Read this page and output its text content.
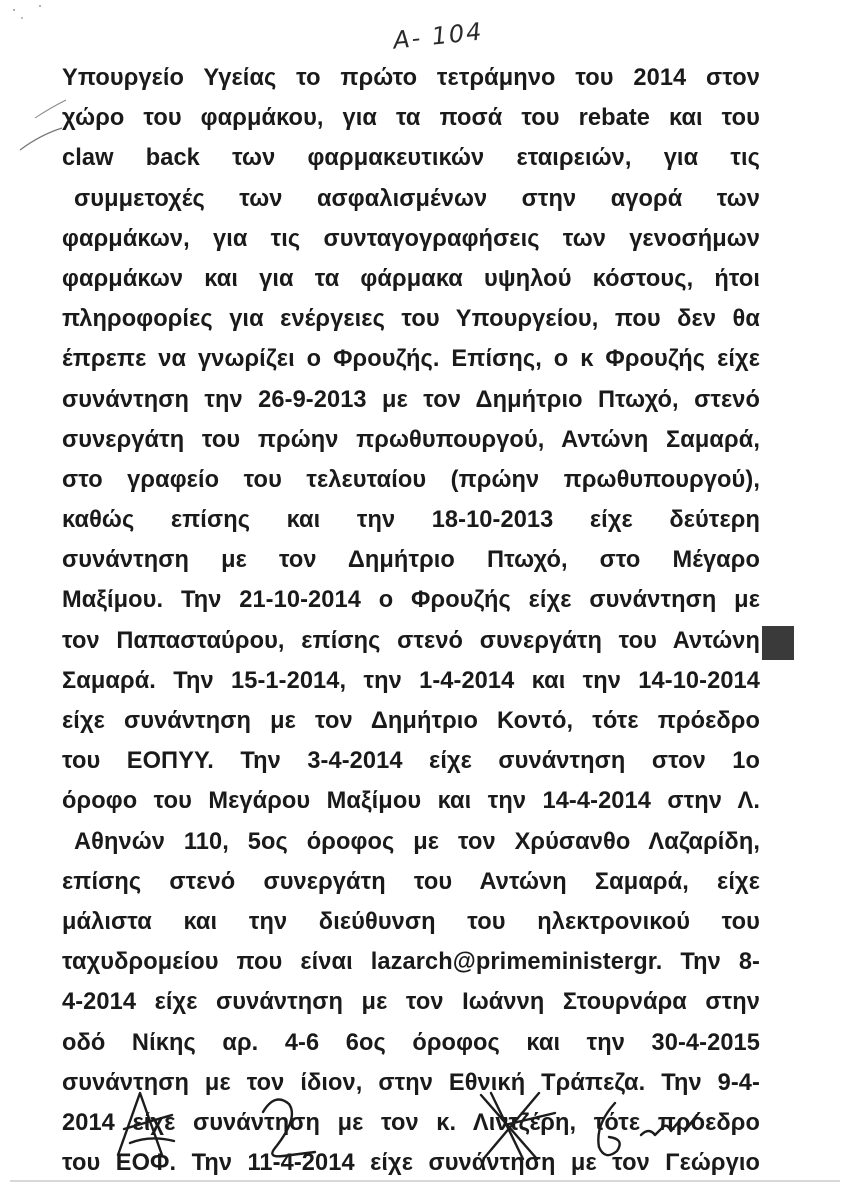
A- 104
Υπουργείο Υγείας το πρώτο τετράμηνο του 2014 στον
χώρο του φαρμάκου, για τα ποσά του rebate και του
claw back των φαρμακευτικών εταιρειών, για τις
συμμετοχές των ασφαλισμένων στην αγορά των
φαρμάκων, για τις συνταγογραφήσεις των γενοσήμων
φαρμάκων και για τα φάρμακα υψηλού κόστους, ήτοι
πληροφορίες για ενέργειες του Υπουργείου, που δεν θα
έπρεπε να γνωρίζει ο Φρουζής. Επίσης, ο κ Φρουζής είχε
συνάντηση την 26-9-2013 με τον Δημήτριο Πτωχό, στενό
συνεργάτη του πρώην πρωθυπουργού, Αντώνη Σαμαρά,
στο γραφείο του τελευταίου (πρώην πρωθυπουργού),
καθώς επίσης και την 18-10-2013 είχε δεύτερη
συνάντηση με τον Δημήτριο Πτωχό, στο Μέγαρο
Μαξίμου. Την 21-10-2014 ο Φρουζής είχε συνάντηση με
τον Παπασταύρου, επίσης στενό συνεργάτη του Αντώνη
Σαμαρά. Την 15-1-2014, την 1-4-2014 και την 14-10-2014
είχε συνάντηση με τον Δημήτριο Κοντό, τότε πρόεδρο
του ΕΟΠΥΥ. Την 3-4-2014 είχε συνάντηση στον 1ο
όροφο του Μεγάρου Μαξίμου και την 14-4-2014 στην Λ.
Αθηνών 110, 5ος όροφος με τον Χρύσανθο Λαζαρίδη,
επίσης στενό συνεργάτη του Αντώνη Σαμαρά, είχε
μάλιστα και την διεύθυνση του ηλεκτρονικού του
ταχυδρομείου που είναι lazarch@primeministergr. Την 8-
4-2014 είχε συνάντηση με τον Ιωάννη Στουρνάρα στην
οδό Νίκης αρ. 4-6 6ος όροφος και την 30-4-2015
συνάντηση με τον ίδιον, στην Εθνική Τράπεζα. Την 9-4-
2014 είχε συνάντηση με τον κ. Λιντζέρη, τότε πρόεδρο
του ΕΟΦ. Την 11-4-2014 είχε συνάντηση με τον Γεώργιο
